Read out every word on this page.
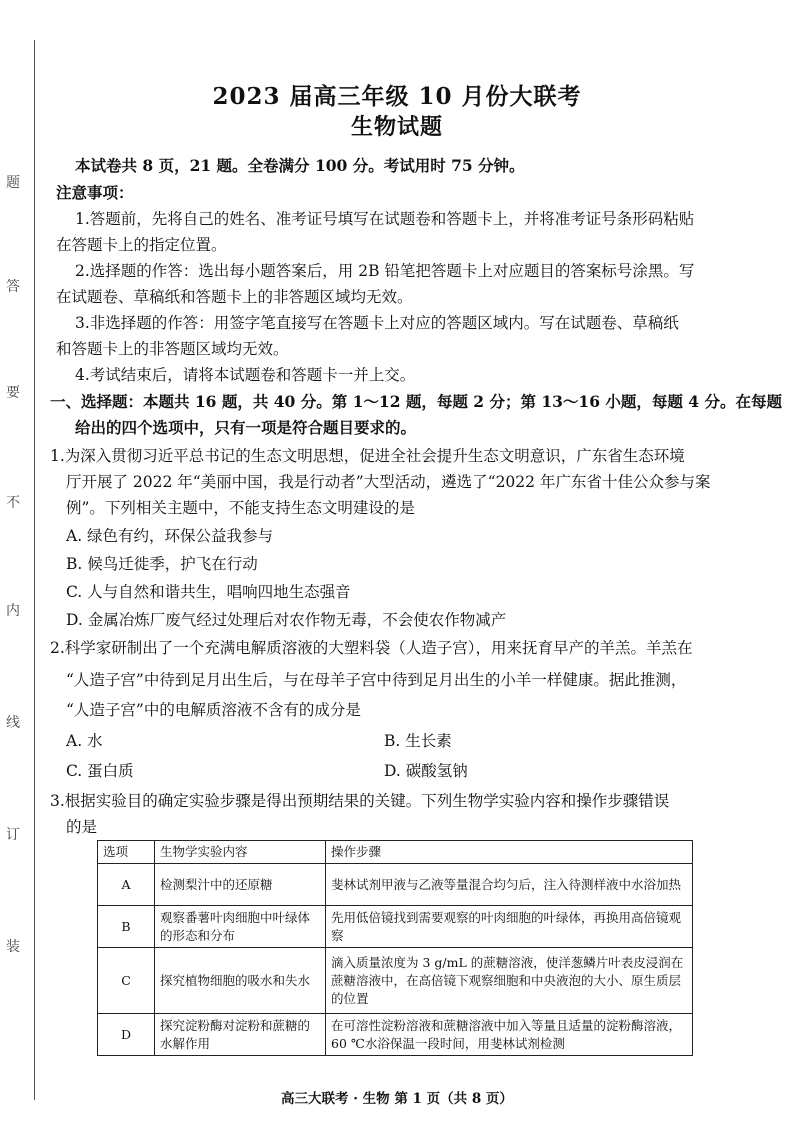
题
答
要
不
内
线
订
装
2023 届高三年级 10 月份大联考
生物试题
本试卷共 8 页，21 题。全卷满分 100 分。考试用时 75 分钟。
注意事项：
1.答题前，先将自己的姓名、准考证号填写在试题卷和答题卡上，并将准考证号条形码粘贴
在答题卡上的指定位置。
2.选择题的作答：选出每小题答案后，用 2B 铅笔把答题卡上对应题目的答案标号涂黑。写
在试题卷、草稿纸和答题卡上的非答题区域均无效。
3.非选择题的作答：用签字笔直接写在答题卡上对应的答题区域内。写在试题卷、草稿纸
和答题卡上的非答题区域均无效。
4.考试结束后，请将本试题卷和答题卡一并上交。
一、选择题：本题共 16 题，共 40 分。第 1～12 题，每题 2 分；第 13～16 小题，每题 4 分。在每题
给出的四个选项中，只有一项是符合题目要求的。
1.为深入贯彻习近平总书记的生态文明思想，促进全社会提升生态文明意识，广东省生态环境
厅开展了 2022 年“美丽中国，我是行动者”大型活动，遴选了“2022 年广东省十佳公众参与案
例”。下列相关主题中，不能支持生态文明建设的是
A. 绿色有约，环保公益我参与
B. 候鸟迁徙季，护飞在行动
C. 人与自然和谐共生，唱响四地生态强音
D. 金属冶炼厂废气经过处理后对农作物无毒，不会使农作物减产
2.科学家研制出了一个充满电解质溶液的大塑料袋（人造子宫），用来抚育早产的羊羔。羊羔在
“人造子宫”中待到足月出生后，与在母羊子宫中待到足月出生的小羊一样健康。据此推测，
“人造子宫”中的电解质溶液不含有的成分是
A. 水	B. 生长素
C. 蛋白质	D. 碳酸氢钠
3.根据实验目的确定实验步骤是得出预期结果的关键。下列生物学实验内容和操作步骤错误
的是
选项	生物学实验内容	操作步骤
A	检测梨汁中的还原糖	斐林试剂甲液与乙液等量混合均匀后，注入待测样液中水浴加热
B	观察番薯叶肉细胞中叶绿体的形态和分布	先用低倍镜找到需要观察的叶肉细胞的叶绿体，再换用高倍镜观察
C	探究植物细胞的吸水和失水	滴入质量浓度为 3 g/mL 的蔗糖溶液，使洋葱鳞片叶表皮浸润在蔗糖溶液中，在高倍镜下观察细胞和中央液泡的大小、原生质层的位置
D	探究淀粉酶对淀粉和蔗糖的水解作用	在可溶性淀粉溶液和蔗糖溶液中加入等量且适量的淀粉酶溶液，60 ℃水浴保温一段时间，用斐林试剂检测
高三大联考 · 生物 第 1 页（共 8 页）
